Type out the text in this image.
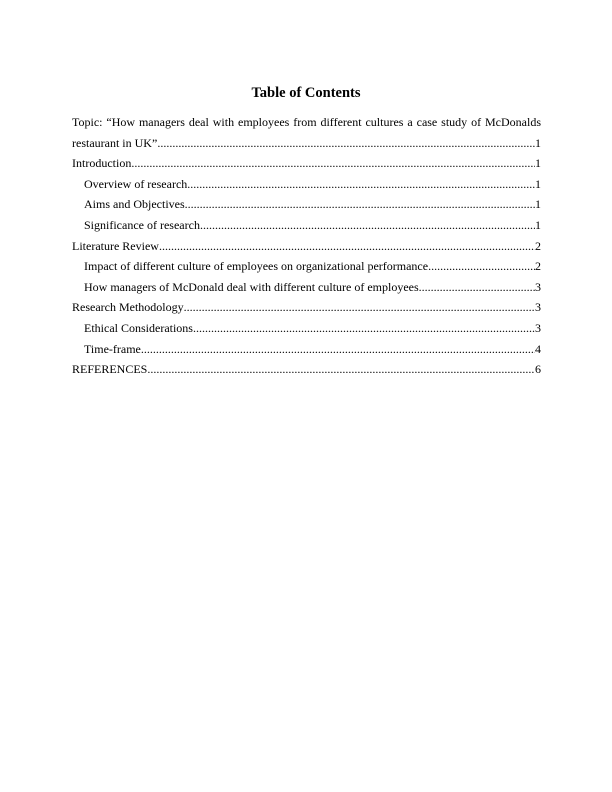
Table of Contents
Topic: “How managers deal with employees from different cultures a case study of McDonalds
restaurant in UK” .....	1
Introduction .....	1
Overview of research .....	1
Aims and Objectives .....	1
Significance of research .....	1
Literature Review .....	2
Impact of different culture of employees on organizational performance .....	2
How managers of McDonald deal with different culture of employees .....	3
Research Methodology .....	3
Ethical Considerations .....	3
Time-frame .....	4
REFERENCES .....	6
